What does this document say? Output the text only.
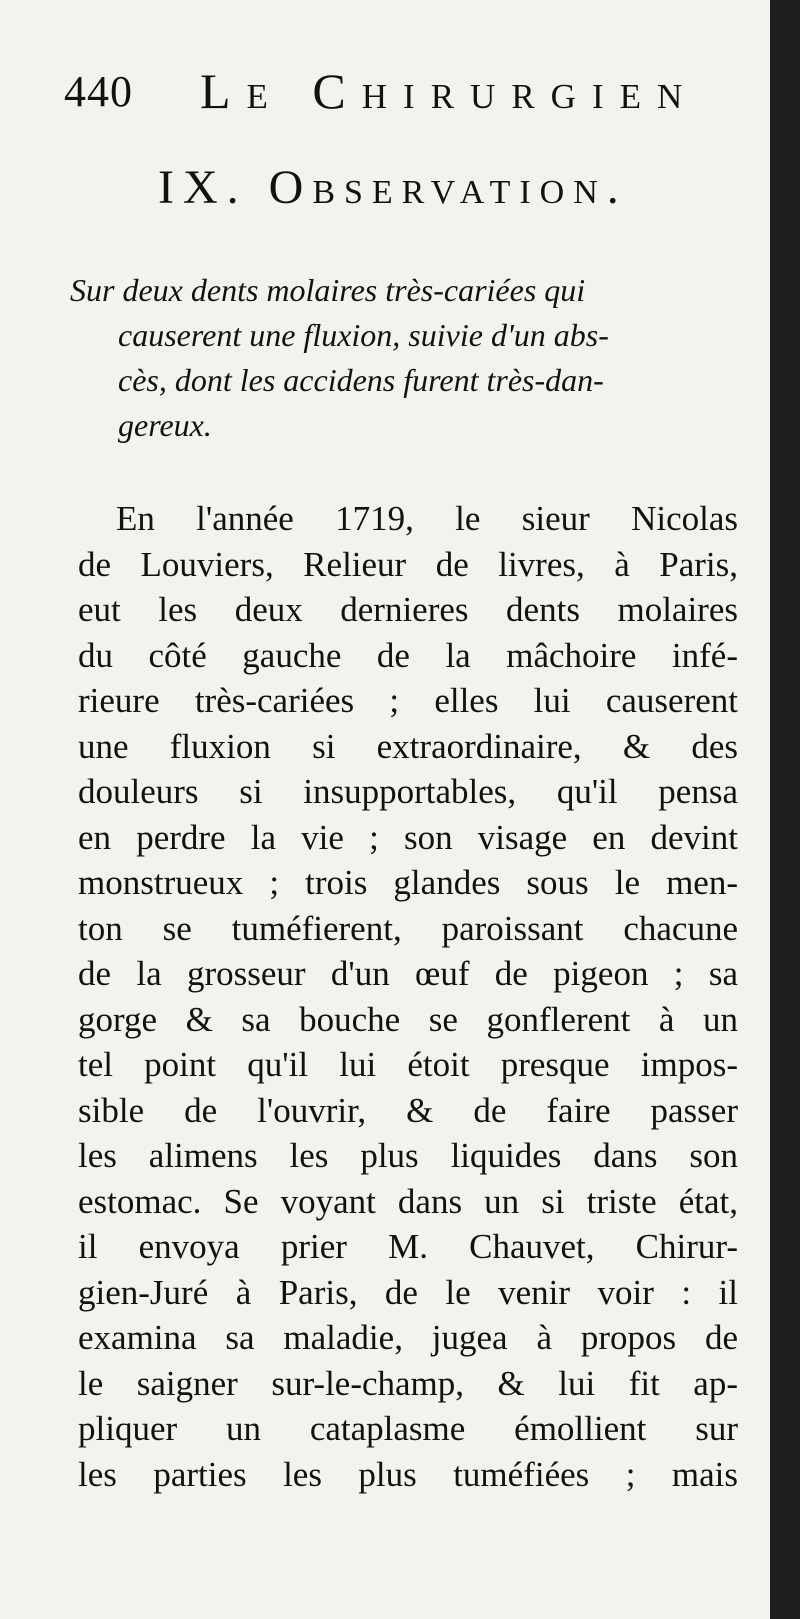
440 Le Chirurgien
IX. Observation.
Sur deux dents molaires très-cariées qui
causerent une fluxion, suivie d'un abs-
cès, dont les accidens furent très-dan-
gereux.
En l'année 1719, le sieur Nicolas
de Louviers, Relieur de livres, à Paris,
eut les deux dernieres dents molaires
du côté gauche de la mâchoire infé-
rieure très-cariées ; elles lui causerent
une fluxion si extraordinaire, & des
douleurs si insupportables, qu'il pensa
en perdre la vie ; son visage en devint
monstrueux ; trois glandes sous le men-
ton se tuméfierent, paroissant chacune
de la grosseur d'un œuf de pigeon ; sa
gorge & sa bouche se gonflerent à un
tel point qu'il lui étoit presque impos-
sible de l'ouvrir, & de faire passer
les alimens les plus liquides dans son
estomac. Se voyant dans un si triste état,
il envoya prier M. Chauvet, Chirur-
gien-Juré à Paris, de le venir voir : il
examina sa maladie, jugea à propos de
le saigner sur-le-champ, & lui fit ap-
pliquer un cataplasme émollient sur
les parties les plus tuméfiées ; mais
